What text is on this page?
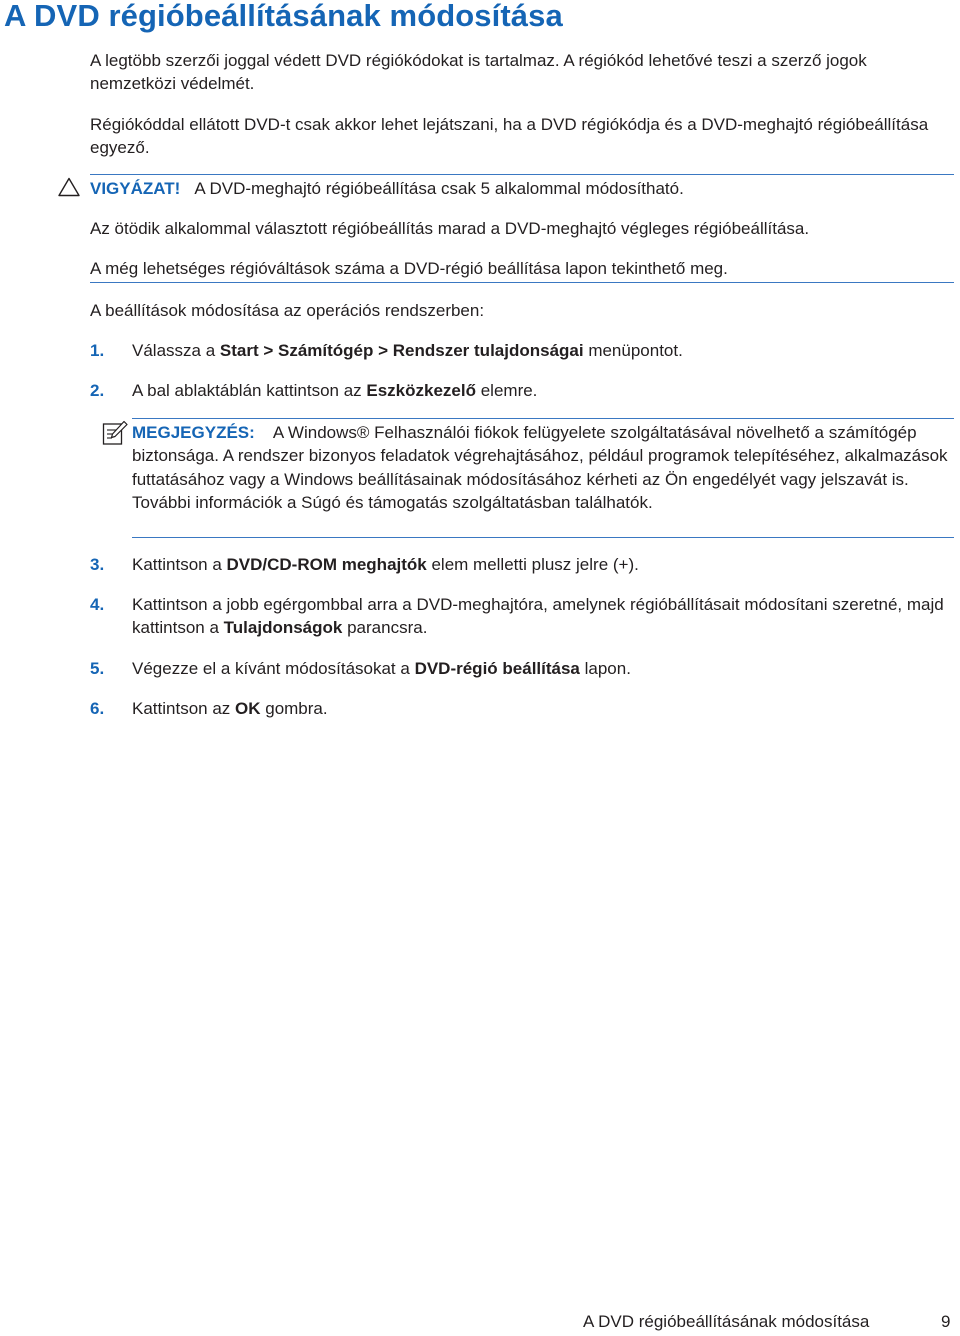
A DVD régióbeállításának módosítása

A legtöbb szerzői joggal védett DVD régiókódokat is tartalmaz. A régiókód lehetővé teszi a szerző jogok nemzetközi védelmét.

Régiókóddal ellátott DVD-t csak akkor lehet lejátszani, ha a DVD régiókódja és a DVD-meghajtó régióbeállítása egyező.

VIGYÁZAT! A DVD-meghajtó régióbeállítása csak 5 alkalommal módosítható.

Az ötödik alkalommal választott régióbeállítás marad a DVD-meghajtó végleges régióbeállítása.

A még lehetséges régióváltások száma a DVD-régió beállítása lapon tekinthető meg.

A beállítások módosítása az operációs rendszerben:

1. Válassza a Start > Számítógép > Rendszer tulajdonságai menüpontot.

2. A bal ablaktáblán kattintson az Eszközkezelő elemre.

MEGJEGYZÉS: A Windows® Felhasználói fiókok felügyelete szolgáltatásával növelhető a számítógép biztonsága. A rendszer bizonyos feladatok végrehajtásához, például programok telepítéséhez, alkalmazások futtatásához vagy a Windows beállításainak módosításához kérheti az Ön engedélyét vagy jelszavát is. További információk a Súgó és támogatás szolgáltatásban találhatók.

3. Kattintson a DVD/CD-ROM meghajtók elem melletti plusz jelre (+).

4. Kattintson a jobb egérgombbal arra a DVD-meghajtóra, amelynek régióbállításait módosítani szeretné, majd kattintson a Tulajdonságok parancsra.

5. Végezze el a kívánt módosításokat a DVD-régió beállítása lapon.

6. Kattintson az OK gombra.

A DVD régióbeállításának módosítása	9
